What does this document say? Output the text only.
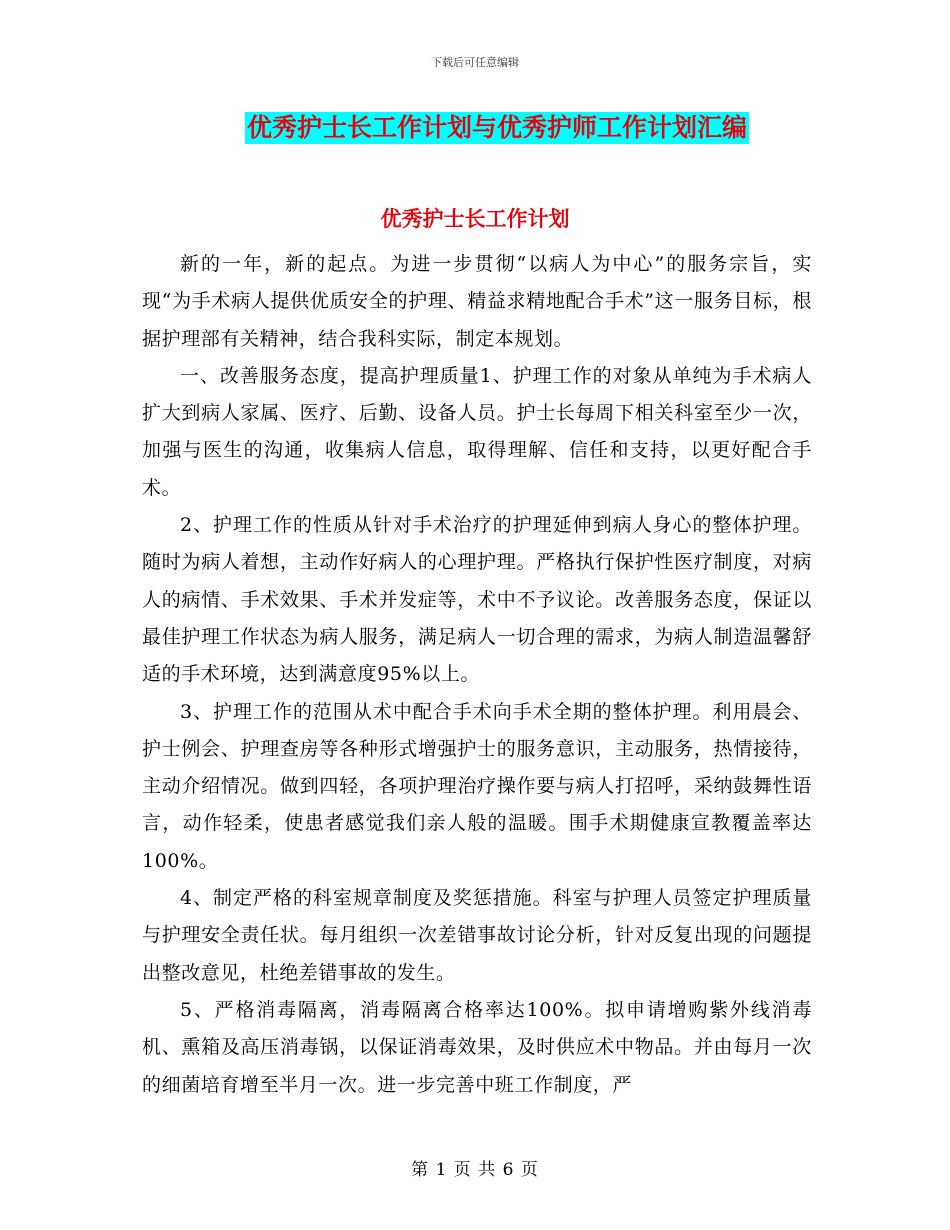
下载后可任意编辑
优秀护士长工作计划与优秀护师工作计划汇编
优秀护士长工作计划

新的一年，新的起点。为进一步贯彻“以病人为中心”的服务宗旨，实现“为手术病人提供优质安全的护理、精益求精地配合手术”这一服务目标，根据护理部有关精神，结合我科实际，制定本规划。

一、改善服务态度，提高护理质量1、护理工作的对象从单纯为手术病人扩大到病人家属、医疗、后勤、设备人员。护士长每周下相关科室至少一次，加强与医生的沟通，收集病人信息，取得理解、信任和支持，以更好配合手术。

2、护理工作的性质从针对手术治疗的护理延伸到病人身心的整体护理。随时为病人着想，主动作好病人的心理护理。严格执行保护性医疗制度，对病人的病情、手术效果、手术并发症等，术中不予议论。改善服务态度，保证以最佳护理工作状态为病人服务，满足病人一切合理的需求，为病人制造温馨舒适的手术环境，达到满意度95%以上。

3、护理工作的范围从术中配合手术向手术全期的整体护理。利用晨会、护士例会、护理查房等各种形式增强护士的服务意识，主动服务，热情接待，主动介绍情况。做到四轻，各项护理治疗操作要与病人打招呼，采纳鼓舞性语言，动作轻柔，使患者感觉我们亲人般的温暖。围手术期健康宣教覆盖率达100%。

4、制定严格的科室规章制度及奖惩措施。科室与护理人员签定护理质量与护理安全责任状。每月组织一次差错事故讨论分析，针对反复出现的问题提出整改意见，杜绝差错事故的发生。

5、严格消毒隔离，消毒隔离合格率达100%。拟申请增购紫外线消毒机、熏箱及高压消毒锅，以保证消毒效果，及时供应术中物品。并由每月一次的细菌培育增至半月一次。进一步完善中班工作制度，严

第 1 页 共 6 页
